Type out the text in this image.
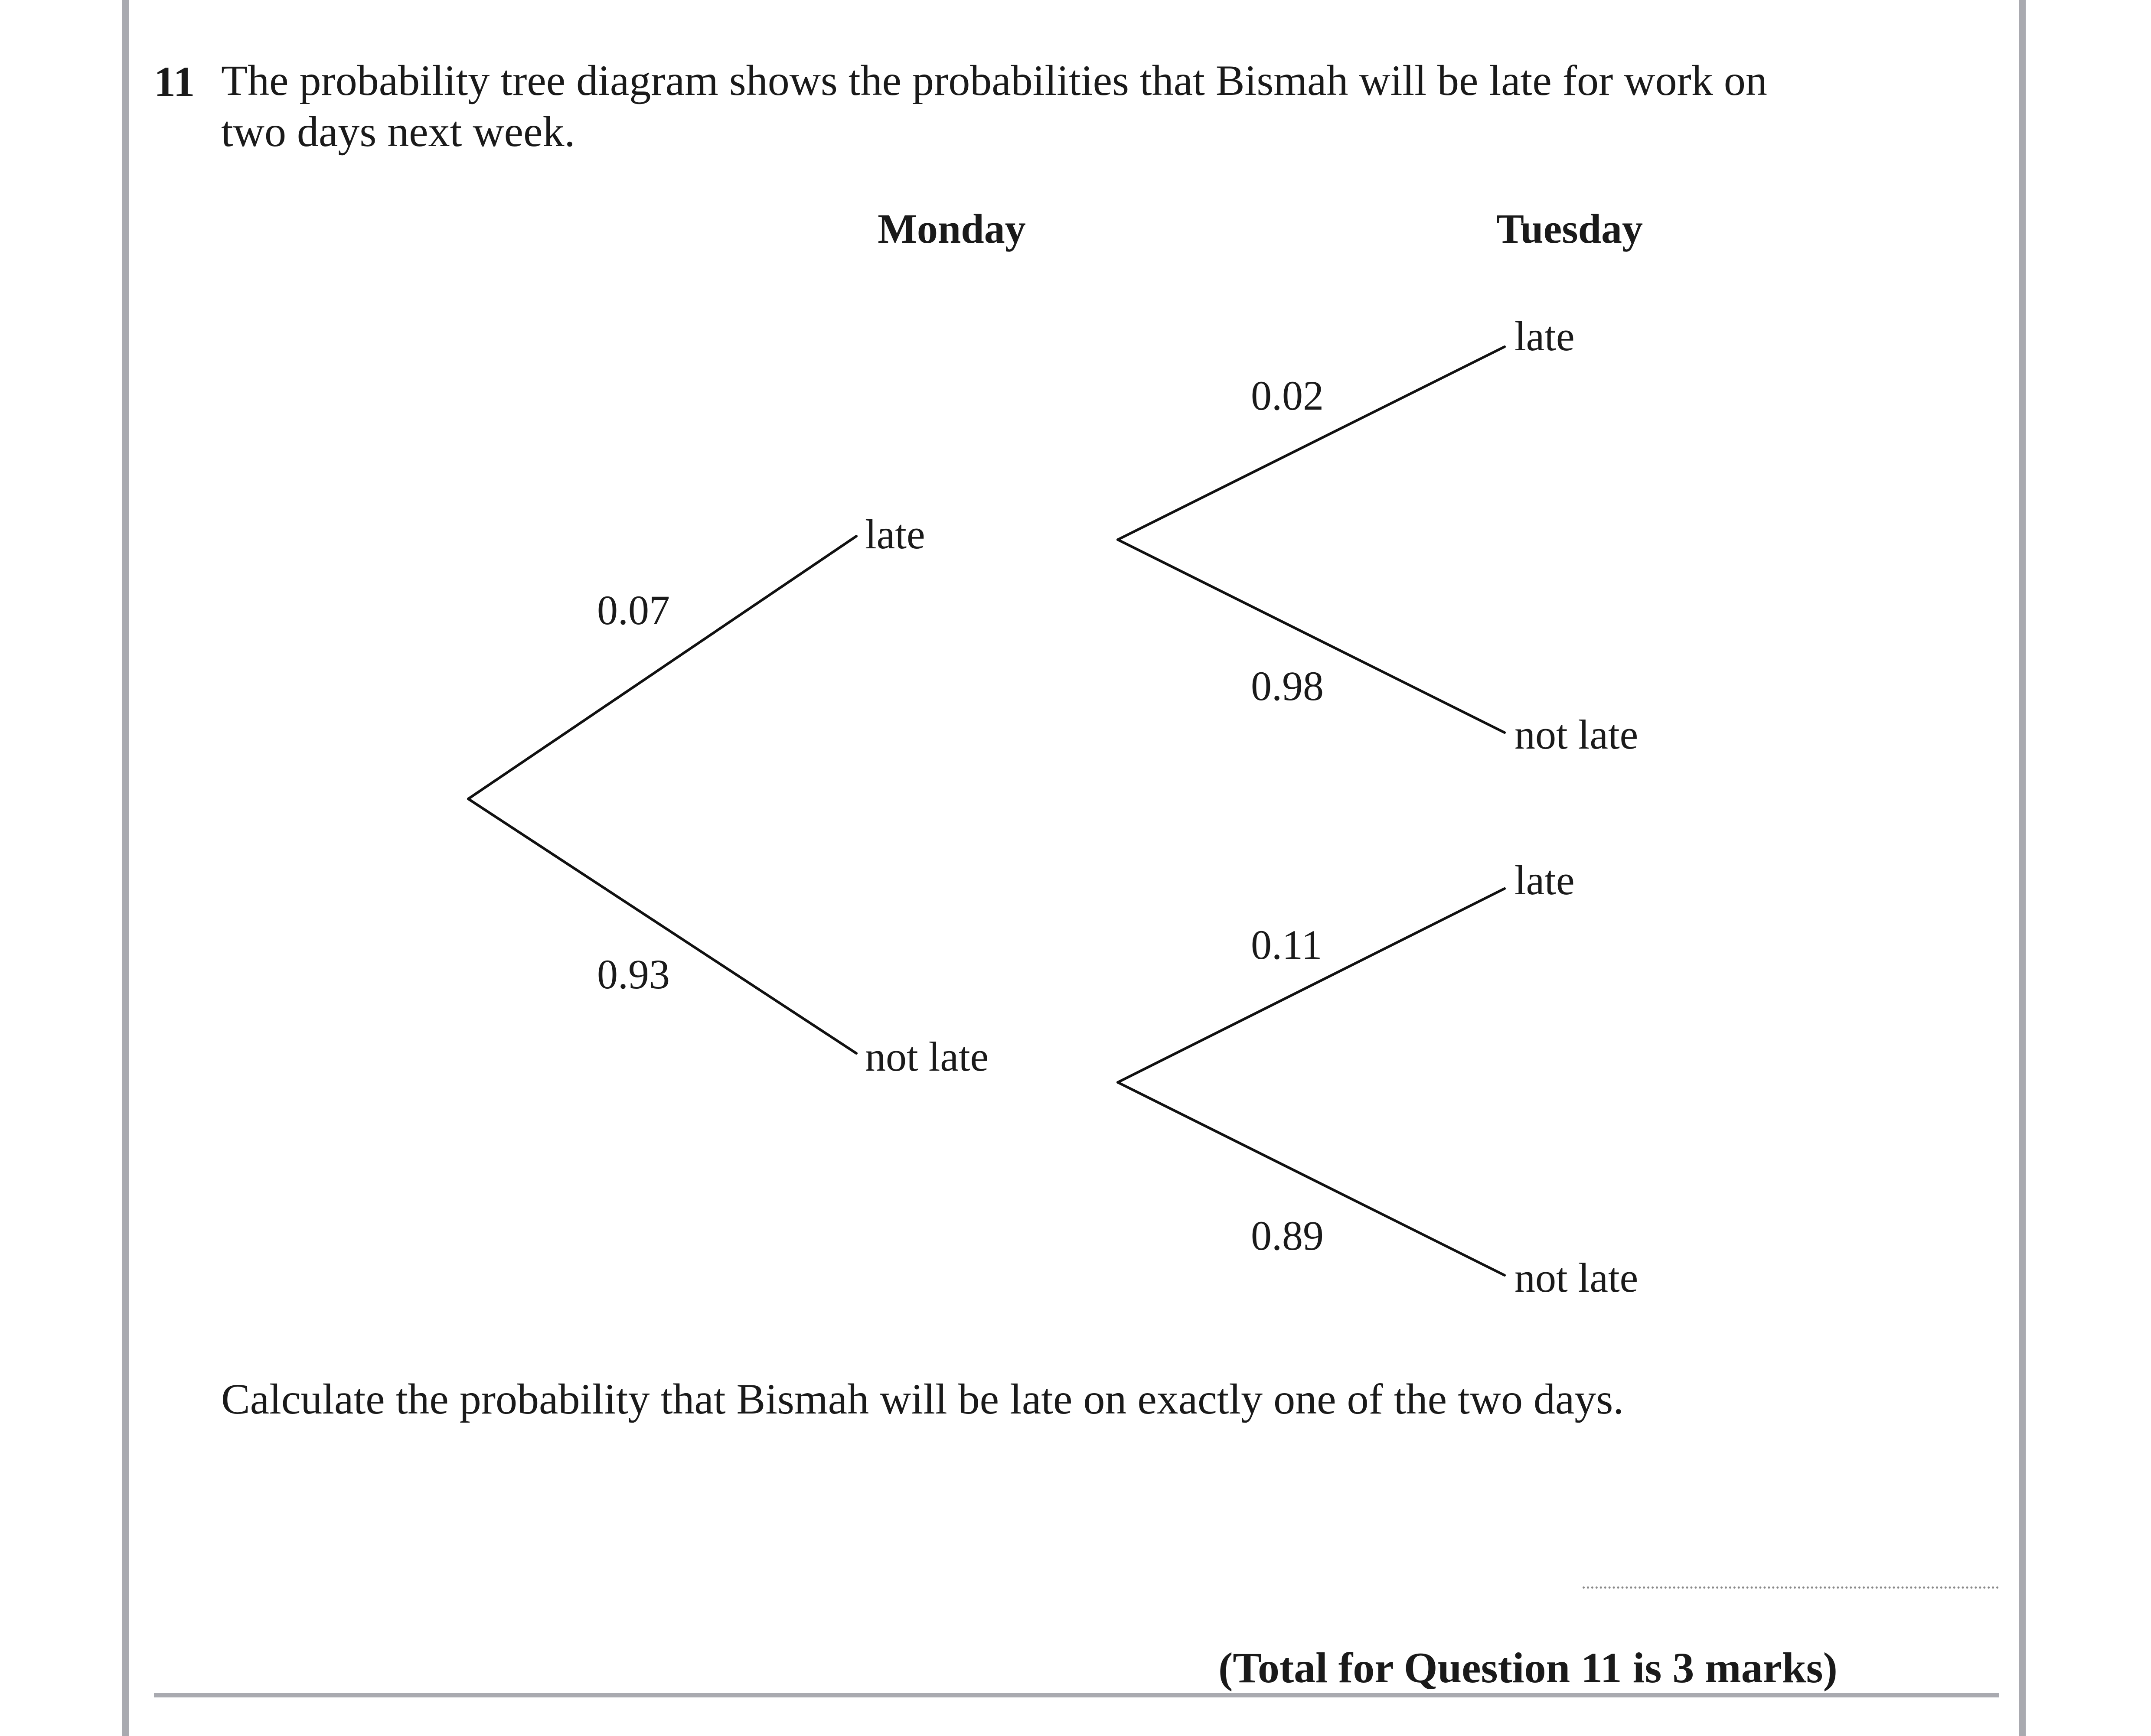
11 The probability tree diagram shows the probabilities that Bismah will be late for work on
two days next week.
Monday	Tuesday
0.07
0.93
late
not late
0.02
0.98
late
not late
0.11
0.89
late
not late
Calculate the probability that Bismah will be late on exactly one of the two days.
(Total for Question 11 is 3 marks)
